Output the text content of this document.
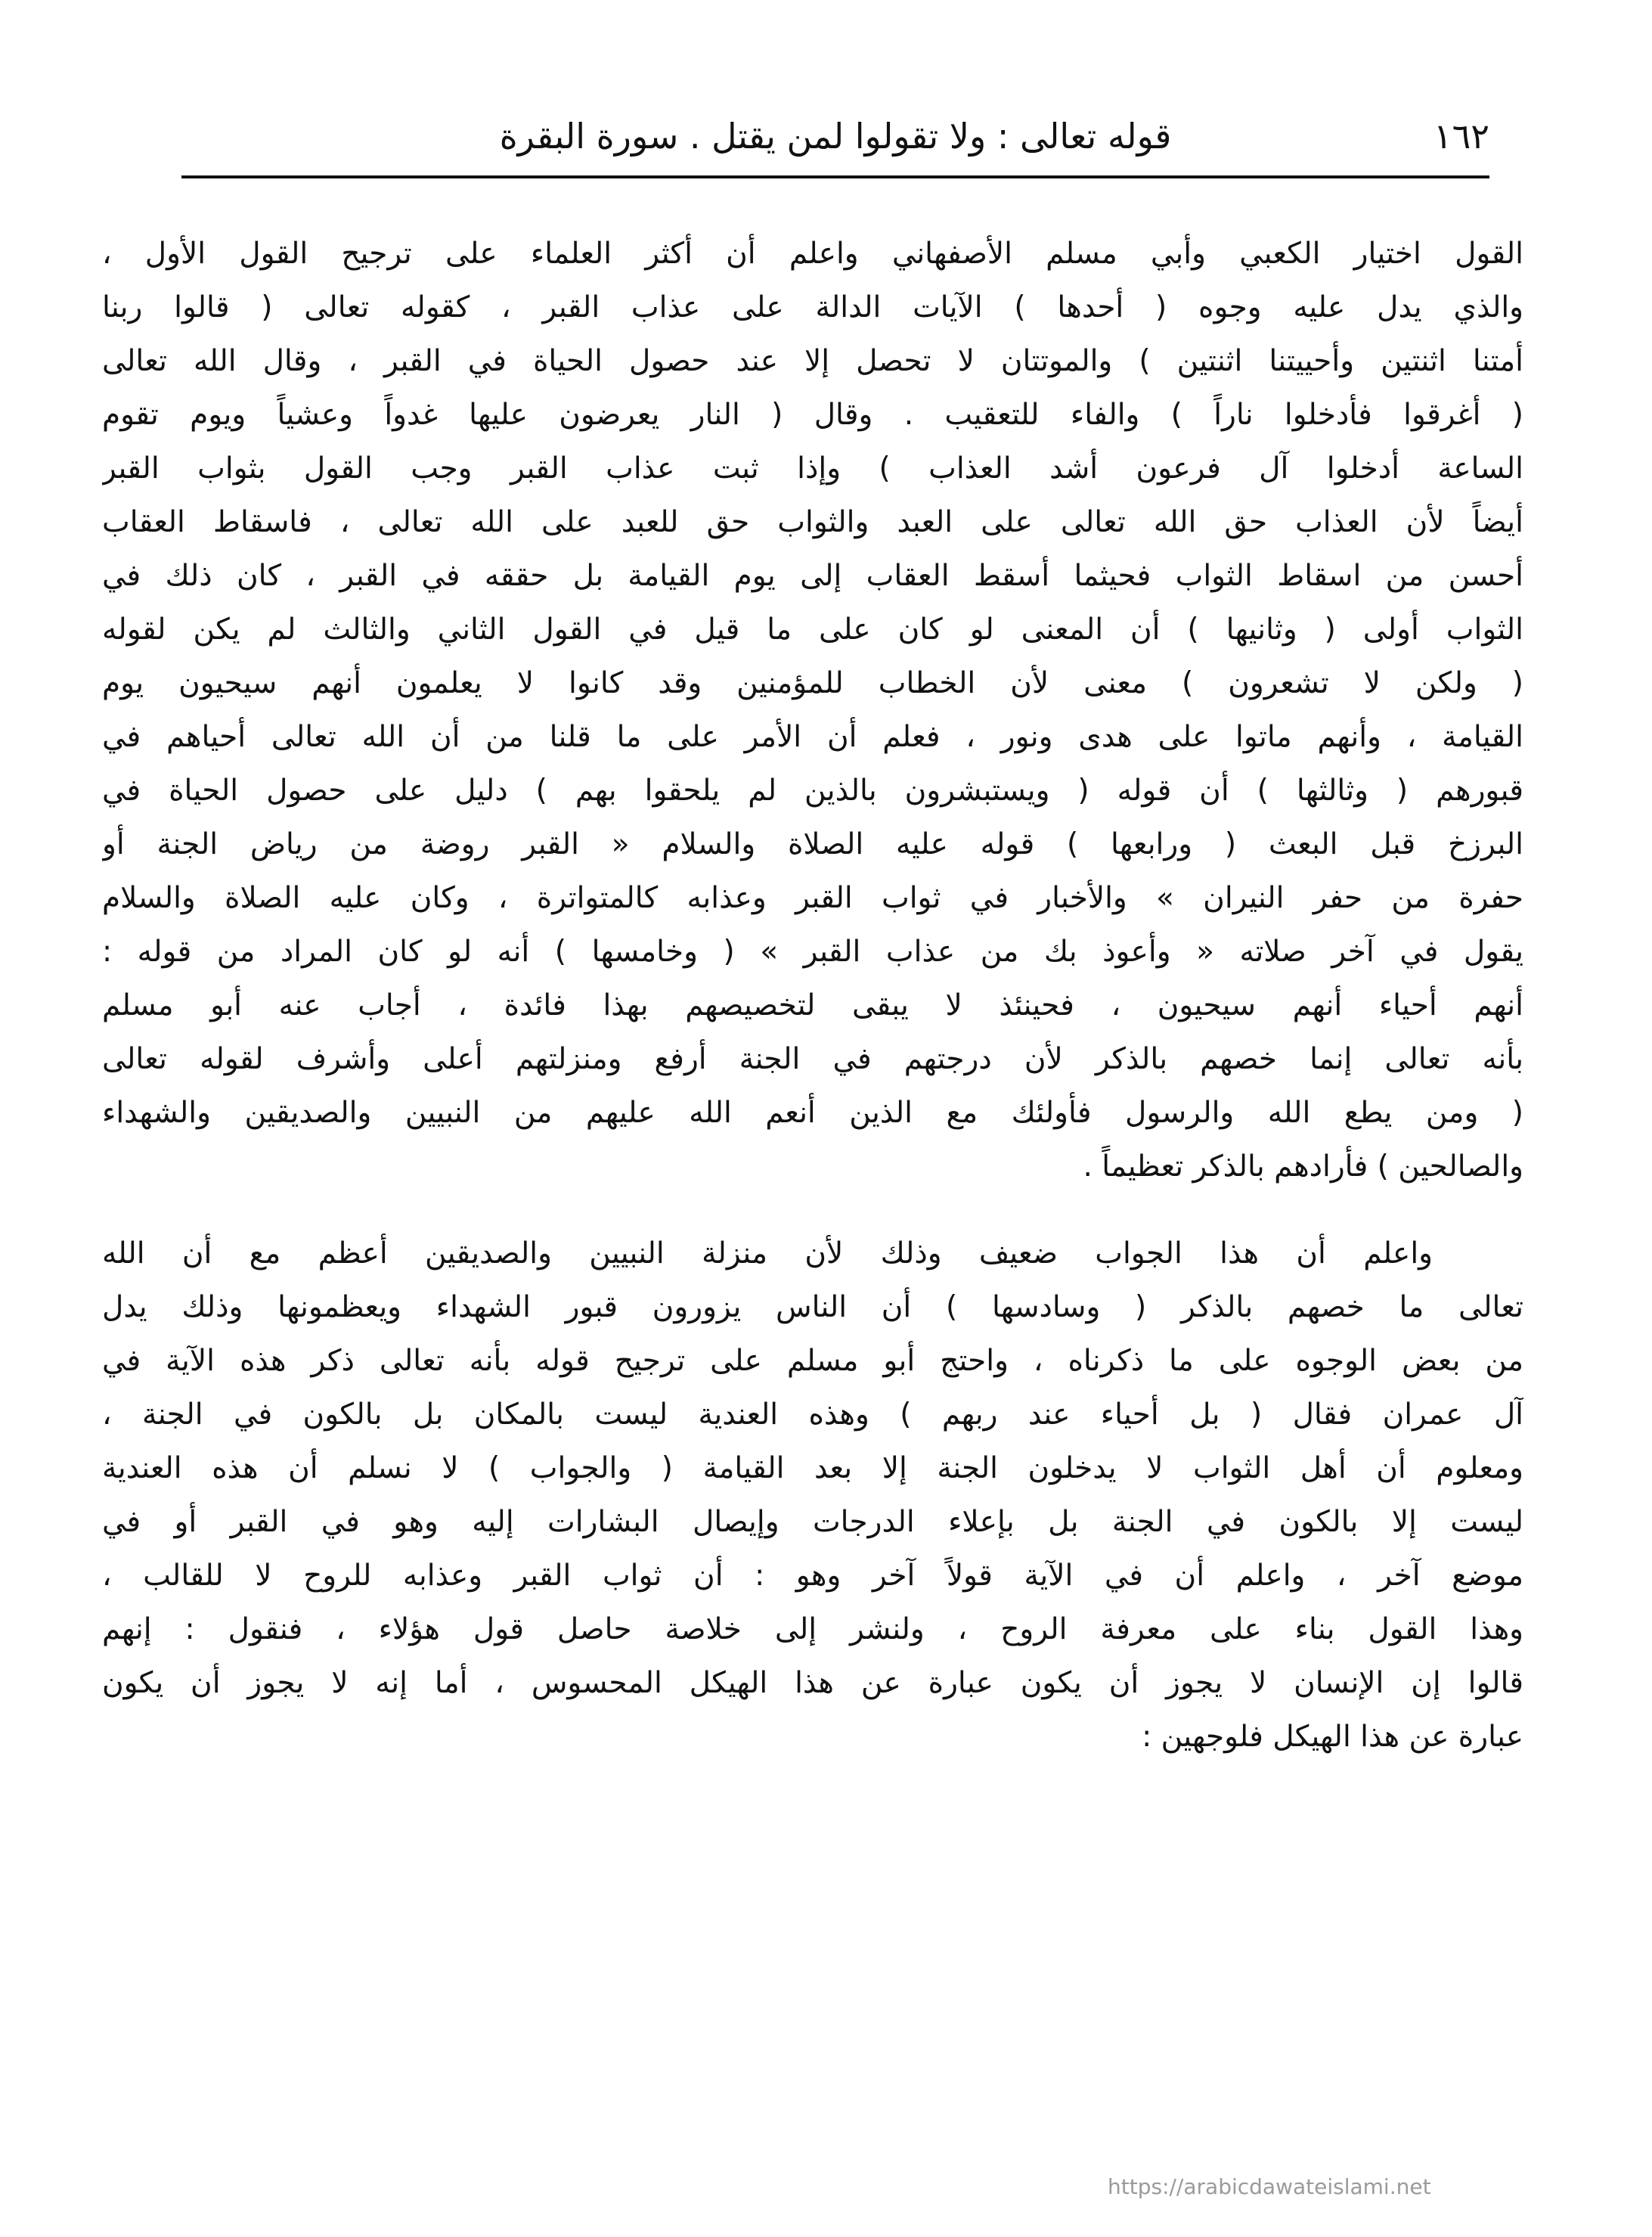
١٦٢
قوله تعالى : ولا تقولوا لمن يقتل . سورة البقرة
القول اختيار الكعبي وأبي مسلم الأصفهاني واعلم أن أكثر العلماء على ترجيح القول الأول ،
والذي يدل عليه وجوه ( أحدها ) الآيات الدالة على عذاب القبر ، كقوله تعالى ( قالوا ربنا
أمتنا اثنتين وأحييتنا اثنتين ) والموتتان لا تحصل إلا عند حصول الحياة في القبر ، وقال الله تعالى
( أغرقوا فأدخلوا ناراً ) والفاء للتعقيب . وقال ( النار يعرضون عليها غدواً وعشياً ويوم تقوم
الساعة أدخلوا آل فرعون أشد العذاب ) وإذا ثبت عذاب القبر وجب القول بثواب القبر
أيضاً لأن العذاب حق الله تعالى على العبد والثواب حق للعبد على الله تعالى ، فاسقاط العقاب
أحسن من اسقاط الثواب فحيثما أسقط العقاب إلى يوم القيامة بل حققه في القبر ، كان ذلك في
الثواب أولى ( وثانيها ) أن المعنى لو كان على ما قيل في القول الثاني والثالث لم يكن لقوله
( ولكن لا تشعرون ) معنى لأن الخطاب للمؤمنين وقد كانوا لا يعلمون أنهم سيحيون يوم
القيامة ، وأنهم ماتوا على هدى ونور ، فعلم أن الأمر على ما قلنا من أن الله تعالى أحياهم في
قبورهم ( وثالثها ) أن قوله ( ويستبشرون بالذين لم يلحقوا بهم ) دليل على حصول الحياة في
البرزخ قبل البعث ( ورابعها ) قوله عليه الصلاة والسلام « القبر روضة من رياض الجنة أو
حفرة من حفر النيران » والأخبار في ثواب القبر وعذابه كالمتواترة ، وكان عليه الصلاة والسلام
يقول في آخر صلاته « وأعوذ بك من عذاب القبر » ( وخامسها ) أنه لو كان المراد من قوله :
أنهم أحياء أنهم سيحيون ، فحينئذ لا يبقى لتخصيصهم بهذا فائدة ، أجاب عنه أبو مسلم
بأنه تعالى إنما خصهم بالذكر لأن درجتهم في الجنة أرفع ومنزلتهم أعلى وأشرف لقوله تعالى
( ومن يطع الله والرسول فأولئك مع الذين أنعم الله عليهم من النبيين والصديقين والشهداء
والصالحين ) فأرادهم بالذكر تعظيماً .
واعلم أن هذا الجواب ضعيف وذلك لأن منزلة النبيين والصديقين أعظم مع أن الله
تعالى ما خصهم بالذكر ( وسادسها ) أن الناس يزورون قبور الشهداء ويعظمونها وذلك يدل
من بعض الوجوه على ما ذكرناه ، واحتج أبو مسلم على ترجيح قوله بأنه تعالى ذكر هذه الآية في
آل عمران فقال ( بل أحياء عند ربهم ) وهذه العندية ليست بالمكان بل بالكون في الجنة ،
ومعلوم أن أهل الثواب لا يدخلون الجنة إلا بعد القيامة ( والجواب ) لا نسلم أن هذه العندية
ليست إلا بالكون في الجنة بل بإعلاء الدرجات وإيصال البشارات إليه وهو في القبر أو في
موضع آخر ، واعلم أن في الآية قولاً آخر وهو : أن ثواب القبر وعذابه للروح لا للقالب ،
وهذا القول بناء على معرفة الروح ، ولنشر إلى خلاصة حاصل قول هؤلاء ، فنقول : إنهم
قالوا إن الإنسان لا يجوز أن يكون عبارة عن هذا الهيكل المحسوس ، أما إنه لا يجوز أن يكون
عبارة عن هذا الهيكل فلوجهين :
https://arabicdawateislami.net
